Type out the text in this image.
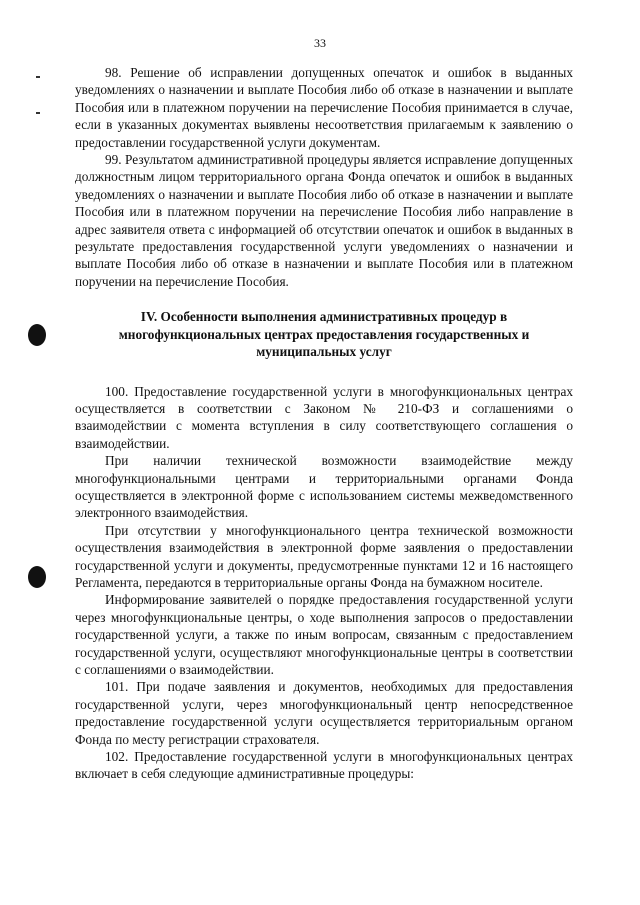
33

98. Решение об исправлении допущенных опечаток и ошибок в выданных уведомлениях о назначении и выплате Пособия либо об отказе в назначении и выплате Пособия или в платежном поручении на перечисление Пособия принимается в случае, если в указанных документах выявлены несоответствия прилагаемым к заявлению о предоставлении государственной услуги документам.

99. Результатом административной процедуры является исправление допущенных должностным лицом территориального органа Фонда опечаток и ошибок в выданных уведомлениях о назначении и выплате Пособия либо об отказе в назначении и выплате Пособия или в платежном поручении на перечисление Пособия либо направление в адрес заявителя ответа с информацией об отсутствии опечаток и ошибок в выданных в результате предоставления государственной услуги уведомлениях о назначении и выплате Пособия либо об отказе в назначении и выплате Пособия или в платежном поручении на перечисление Пособия.

IV. Особенности выполнения административных процедур в многофункциональных центрах предоставления государственных и муниципальных услуг

100. Предоставление государственной услуги в многофункциональных центрах осуществляется в соответствии с Законом № 210-ФЗ и соглашениями о взаимодействии с момента вступления в силу соответствующего соглашения о взаимодействии.

При наличии технической возможности взаимодействие между многофункциональными центрами и территориальными органами Фонда осуществляется в электронной форме с использованием системы межведомственного электронного взаимодействия.

При отсутствии у многофункционального центра технической возможности осуществления взаимодействия в электронной форме заявления о предоставлении государственной услуги и документы, предусмотренные пунктами 12 и 16 настоящего Регламента, передаются в территориальные органы Фонда на бумажном носителе.

Информирование заявителей о порядке предоставления государственной услуги через многофункциональные центры, о ходе выполнения запросов о предоставлении государственной услуги, а также по иным вопросам, связанным с предоставлением государственной услуги, осуществляют многофункциональные центры в соответствии с соглашениями о взаимодействии.

101. При подаче заявления и документов, необходимых для предоставления государственной услуги, через многофункциональный центр непосредственное предоставление государственной услуги осуществляется территориальным органом Фонда по месту регистрации страхователя.

102. Предоставление государственной услуги в многофункциональных центрах включает в себя следующие административные процедуры:
